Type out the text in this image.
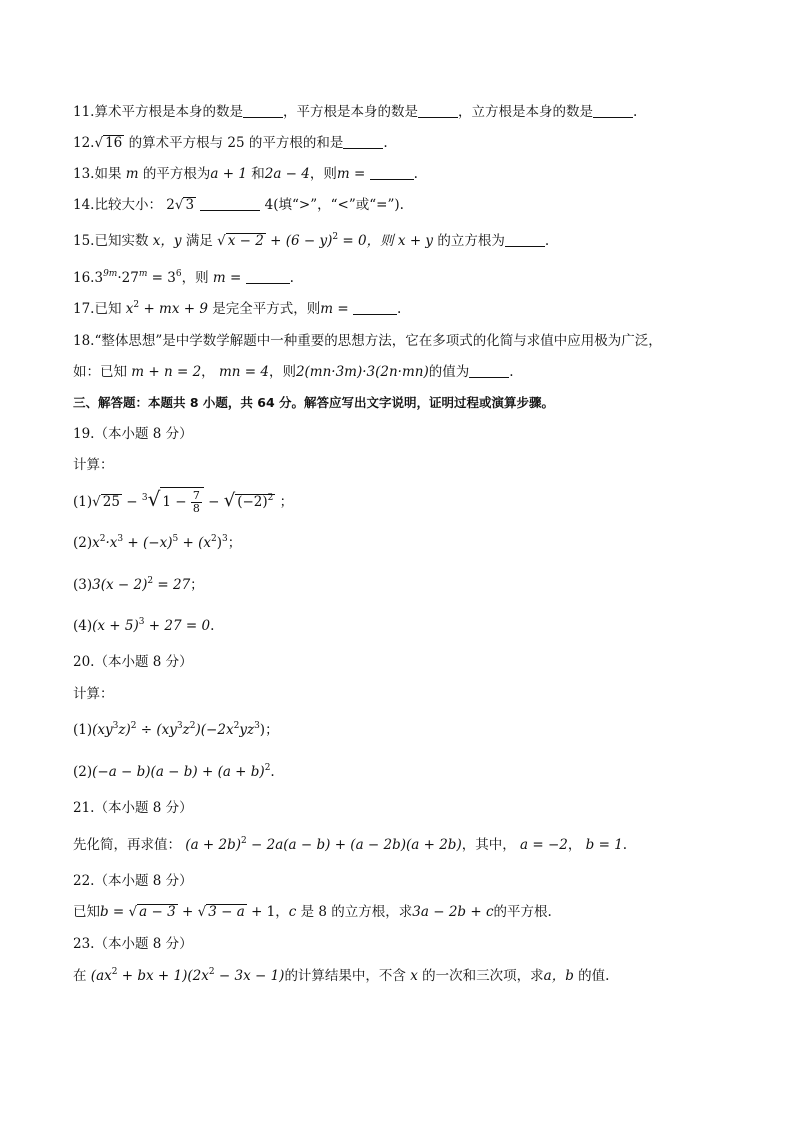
11.算术平方根是本身的数是	，平方根是本身的数是	，立方根是本身的数是	.
12.√ 16 的算术平方根与 25 的平方根的和是	.
13.如果 m 的平方根为a + 1 和2a − 4，则m =	.
14.比较大小： 2√ 3	4(填“>”，“<”或“=”).
15.已知实数 x，y 满足 √ $x - 2 + (6 - y)^2 = 0$，则 x + y 的立方根为	.
$16.3^{9m}\cdot 27^m = 3^6$，则 m =	.
17.已知 $x^2$ + mx + 9 是完全平方式，则m =	.
18.“整体思想”是中学数学解题中一种重要的思想方法，它在多项式的化简与求值中应用极为广泛，
如：已知 m + n = 2， mn = 4，则2(mn·3m)·3(2n·mn)的值为	.
三、解答题：本题共 8 小题，共 64 分。解答应写出文字说明，证明过程或演算步骤。
19.（本小题 8 分）
计算：
(1)√ 25 − $^3$√ $1 - \frac{7}{8}$ − √ $(-2)^2$ ；
$(2)x^2\cdot x^3 + (-x)^5 + (x^2)^3$；
$(3)3(x - 2)^2 = 27$；
$(4)(x + 5)^3 + 27 = 0$.
20.（本小题 8 分）
计算：
$(1)(xy^3z)^2 \div (xy^3z^2)(-2x^2yz^3)$；
$(2)(-a - b)(a - b) + (a + b)^2$.
21.（本小题 8 分）
先化简，再求值： $(a + 2b)^2 - 2a(a - b) + (a - 2b)(a + 2b)$，其中， a = −2， b = 1.
22.（本小题 8 分）
已知b = √ a − 3 + √ 3 − a + 1，c 是 8 的立方根，求3a − 2b + c的平方根.
23.（本小题 8 分）
在 ($ax^2$ + bx + $1)(2x^2 - 3x - 1)$的计算结果中，不含 x 的一次和三次项，求a，b 的值.
